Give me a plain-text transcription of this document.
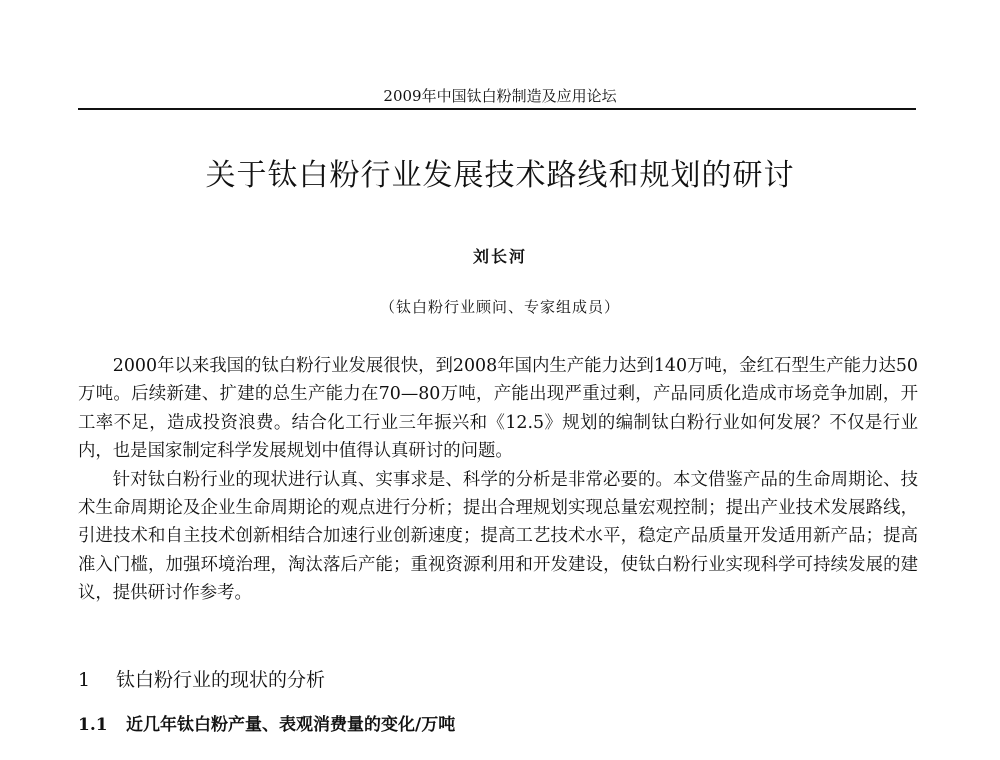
2009年中国钛白粉制造及应用论坛
关于钛白粉行业发展技术路线和规划的研讨
刘长河
（钛白粉行业顾问、专家组成员）

2000年以来我国的钛白粉行业发展很快，到2008年国内生产能力达到140万吨，金红石型生产能力达50万吨。后续新建、扩建的总生产能力在70—80万吨，产能出现严重过剩，产品同质化造成市场竞争加剧，开工率不足，造成投资浪费。结合化工行业三年振兴和《12.5》规划的编制钛白粉行业如何发展？不仅是行业内，也是国家制定科学发展规划中值得认真研讨的问题。

针对钛白粉行业的现状进行认真、实事求是、科学的分析是非常必要的。本文借鉴产品的生命周期论、技术生命周期论及企业生命周期论的观点进行分析；提出合理规划实现总量宏观控制；提出产业技术发展路线，引进技术和自主技术创新相结合加速行业创新速度；提高工艺技术水平，稳定产品质量开发适用新产品；提高准入门槛，加强环境治理，淘汰落后产能；重视资源利用和开发建设，使钛白粉行业实现科学可持续发展的建议，提供研讨作参考。

1 钛白粉行业的现状的分析
1.1 近几年钛白粉产量、表观消费量的变化/万吨
